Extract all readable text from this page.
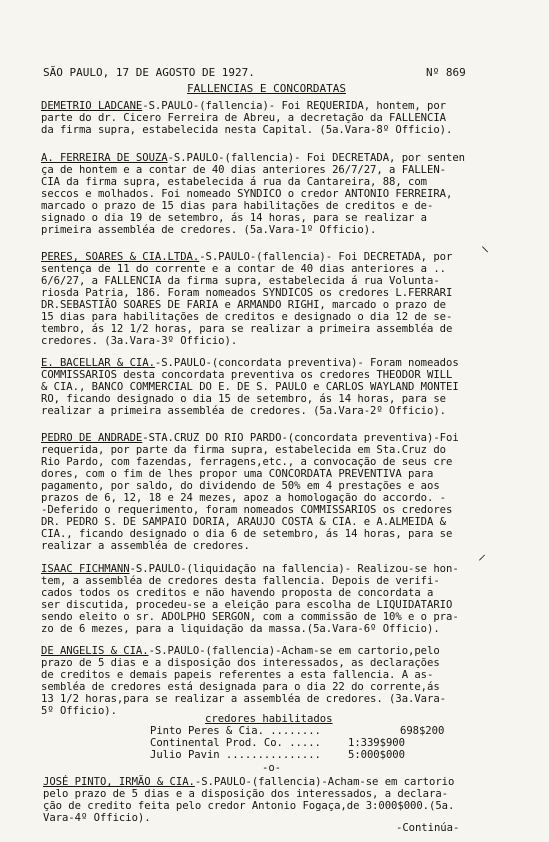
SÃO PAULO, 17 DE AGOSTO DE 1927.	Nº 869
FALLENCIAS E CONCORDATAS
DEMETRIO LADCANE-S.PAULO-(fallencia)- Foi REQUERIDA, hontem, por
parte do dr. Cicero Ferreira de Abreu, a decretação da FALLENCIA
da firma supra, estabelecida nesta Capital. (5a.Vara-8º Officio).
A. FERREIRA DE SOUZA-S.PAULO-(fallencia)- Foi DECRETADA, por senten
ça de hontem e a contar de 40 dias anteriores 26/7/27, a FALLEN-
CIA da firma supra, estabelecida á rua da Cantareira, 88, com
seccos e molhados. Foi nomeado SYNDICO o credor ANTONIO FERREIRA,
marcado o prazo de 15 dias para habilitações de creditos e de-
signado o dia 19 de setembro, ás 14 horas, para se realizar a
primeira assembléa de credores. (5a.Vara-1º Officio).
PERES, SOARES & CIA.LTDA.-S.PAULO-(fallencia)- Foi DECRETADA, por
sentença de 11 do corrente e a contar de 40 dias anteriores a ..
6/6/27, a FALLENCIA da firma supra, estabelecida á rua Volunta-
riosda Patria, 186. Foram nomeados SYNDICOS os credores L.FERRARI
DR.SEBASTIÃO SOARES DE FARIA e ARMANDO RIGHI, marcado o prazo de
15 dias para habilitações de creditos e designado o dia 12 de se-
tembro, ás 12 1/2 horas, para se realizar a primeira assembléa de
credores. (3a.Vara-3º Officio).
E. BACELLAR & CIA.-S.PAULO-(concordata preventiva)- Foram nomeados
COMMISSARIOS desta concordata preventiva os credores THEODOR WILL
& CIA., BANCO COMMERCIAL DO E. DE S. PAULO e CARLOS WAYLAND MONTEI
RO, ficando designado o dia 15 de setembro, ás 14 horas, para se
realizar a primeira assembléa de credores. (5a.Vara-2º Officio).
PEDRO DE ANDRADE-STA.CRUZ DO RIO PARDO-(concordata preventiva)-Foi
requerida, por parte da firma supra, estabelecida em Sta.Cruz do
Rio Pardo, com fazendas, ferragens,etc., a convocação de seus cre
dores, com o fim de lhes propor uma CONCORDATA PREVENTIVA para
pagamento, por saldo, do dividendo de 50% em 4 prestações e aos
prazos de 6, 12, 18 e 24 mezes, apoz a homologação do accordo. -
-Deferido o requerimento, foram nomeados COMMISSARIOS os credores
DR. PEDRO S. DE SAMPAIO DORIA, ARAUJO COSTA & CIA. e A.ALMEIDA &
CIA., ficando designado o dia 6 de setembro, ás 14 horas, para se
realizar a assembléa de credores.
ISAAC FICHMANN-S.PAULO-(liquidação na fallencia)- Realizou-se hon-
tem, a assembléa de credores desta fallencia. Depois de verifi-
cados todos os creditos e não havendo proposta de concordata a
ser discutida, procedeu-se a eleição para escolha de LIQUIDATARIO
sendo eleito o sr. ADOLPHO SERGON, com a commissão de 10% e o pra-
zo de 6 mezes, para a liquidação da massa.(5a.Vara-6º Officio).
DE ANGELIS & CIA.-S.PAULO-(fallencia)-Acham-se em cartorio,pelo
prazo de 5 dias e a disposição dos interessados, as declarações
de creditos e demais papeis referentes a esta fallencia. A as-
sembléa de credores está designada para o dia 22 do corrente,ás
13 1/2 horas,para se realizar a assembléa de credores. (3a.Vara-
5º Officio).
credores habilitados
Pinto Peres & Cia. ........	698$200
Continental Prod. Co. .....	1:339$900
Julio Pavin ...............	5:000$000
-o-
JOSÉ PINTO, IRMÃO & CIA.-S.PAULO-(fallencia)-Acham-se em cartorio
pelo prazo de 5 dias e a disposição dos interessados, a declara-
ção de credito feita pelo credor Antonio Fogaça,de 3:000$000.(5a.
Vara-4º Officio).
-Continúa-
⸜
⸍
